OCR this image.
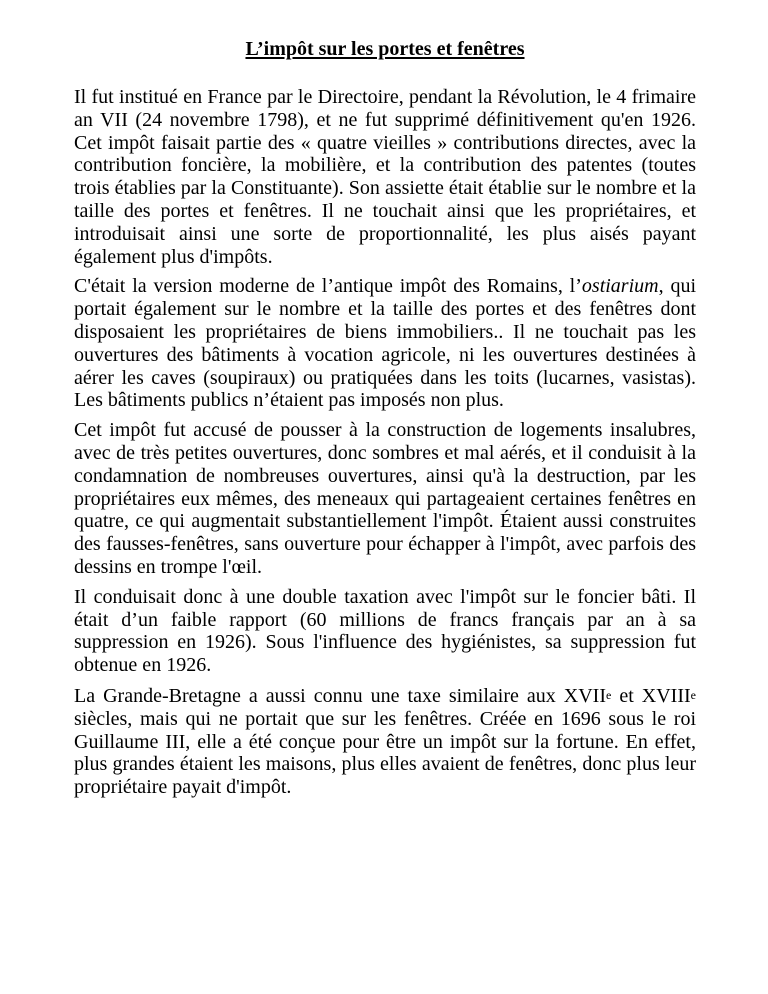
L’impôt sur les portes et fenêtres

Il fut institué en France par le Directoire, pendant la Révolution, le 4 frimaire an VII (24 novembre 1798), et ne fut supprimé définitivement qu'en 1926. Cet impôt faisait partie des « quatre vieilles » contributions directes, avec la contribution foncière, la mobilière, et la contribution des patentes (toutes trois établies par la Constituante). Son assiette était établie sur le nombre et la taille des portes et fenêtres. Il ne touchait ainsi que les propriétaires, et introduisait ainsi une sorte de proportionnalité, les plus aisés payant également plus d'impôts.

C'était la version moderne de l’antique impôt des Romains, l’ostiarium, qui portait également sur le nombre et la taille des portes et des fenêtres dont disposaient les propriétaires de biens immobiliers.. Il ne touchait pas les ouvertures des bâtiments à vocation agricole, ni les ouvertures destinées à aérer les caves (soupiraux) ou pratiquées dans les toits (lucarnes, vasistas). Les bâtiments publics n’étaient pas imposés non plus.

Cet impôt fut accusé de pousser à la construction de logements insalubres, avec de très petites ouvertures, donc sombres et mal aérés, et il conduisit à la condamnation de nombreuses ouvertures, ainsi qu'à la destruction, par les propriétaires eux mêmes, des meneaux qui partageaient certaines fenêtres en quatre, ce qui augmentait substantiellement l'impôt. Étaient aussi construites des fausses-fenêtres, sans ouverture pour échapper à l'impôt, avec parfois des dessins en trompe l'œil.

Il conduisait donc à une double taxation avec l'impôt sur le foncier bâti. Il était d’un faible rapport (60 millions de francs français par an à sa suppression en 1926). Sous l'influence des hygiénistes, sa suppression fut obtenue en 1926.

La Grande-Bretagne a aussi connu une taxe similaire aux XVIIe et XVIIIe siècles, mais qui ne portait que sur les fenêtres. Créée en 1696 sous le roi Guillaume III, elle a été conçue pour être un impôt sur la fortune. En effet, plus grandes étaient les maisons, plus elles avaient de fenêtres, donc plus leur propriétaire payait d'impôt.
